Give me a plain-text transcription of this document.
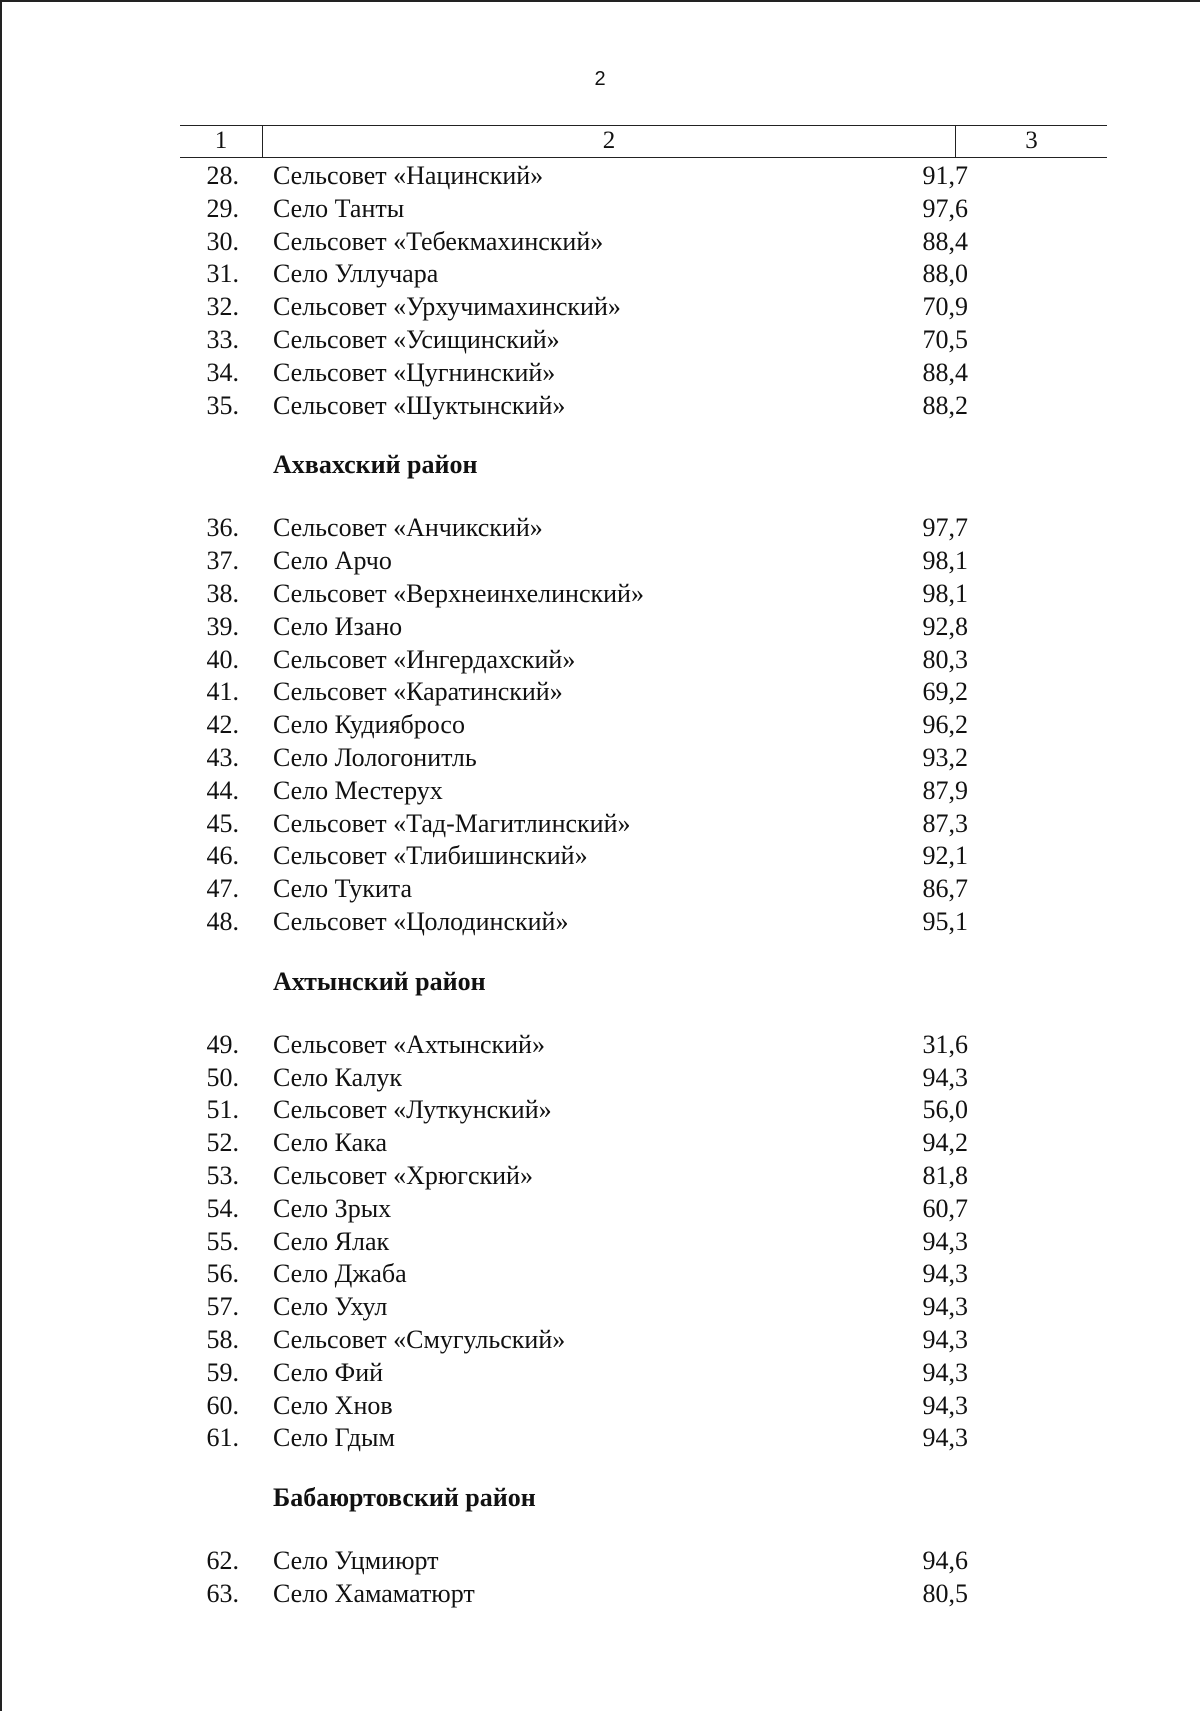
2
1	2	3
28. Сельсовет «Нацинский»	91,7
29. Село Танты	97,6
30. Сельсовет «Тебекмахинский»	88,4
31. Село Уллучара	88,0
32. Сельсовет «Урхучимахинский»	70,9
33. Сельсовет «Усищинский»	70,5
34. Сельсовет «Цугнинский»	88,4
35. Сельсовет «Шуктынский»	88,2
Ахвахский район
36. Сельсовет «Анчикский»	97,7
37. Село Арчо	98,1
38. Сельсовет «Верхнеинхелинский»	98,1
39. Село Изано	92,8
40. Сельсовет «Ингердахский»	80,3
41. Сельсовет «Каратинский»	69,2
42. Село Кудиябросо	96,2
43. Село Лологонитль	93,2
44. Село Местерух	87,9
45. Сельсовет «Тад-Магитлинский»	87,3
46. Сельсовет «Тлибишинский»	92,1
47. Село Тукита	86,7
48. Сельсовет «Цолодинский»	95,1
Ахтынский район
49. Сельсовет «Ахтынский»	31,6
50. Село Калук	94,3
51. Сельсовет «Луткунский»	56,0
52. Село Кака	94,2
53. Сельсовет «Хрюгский»	81,8
54. Село Зрых	60,7
55. Село Ялак	94,3
56. Село Джаба	94,3
57. Село Ухул	94,3
58. Сельсовет «Смугульский»	94,3
59. Село Фий	94,3
60. Село Хнов	94,3
61. Село Гдым	94,3
Бабаюртовский район
62. Село Уцмиюрт	94,6
63. Село Хамаматюрт	80,5
